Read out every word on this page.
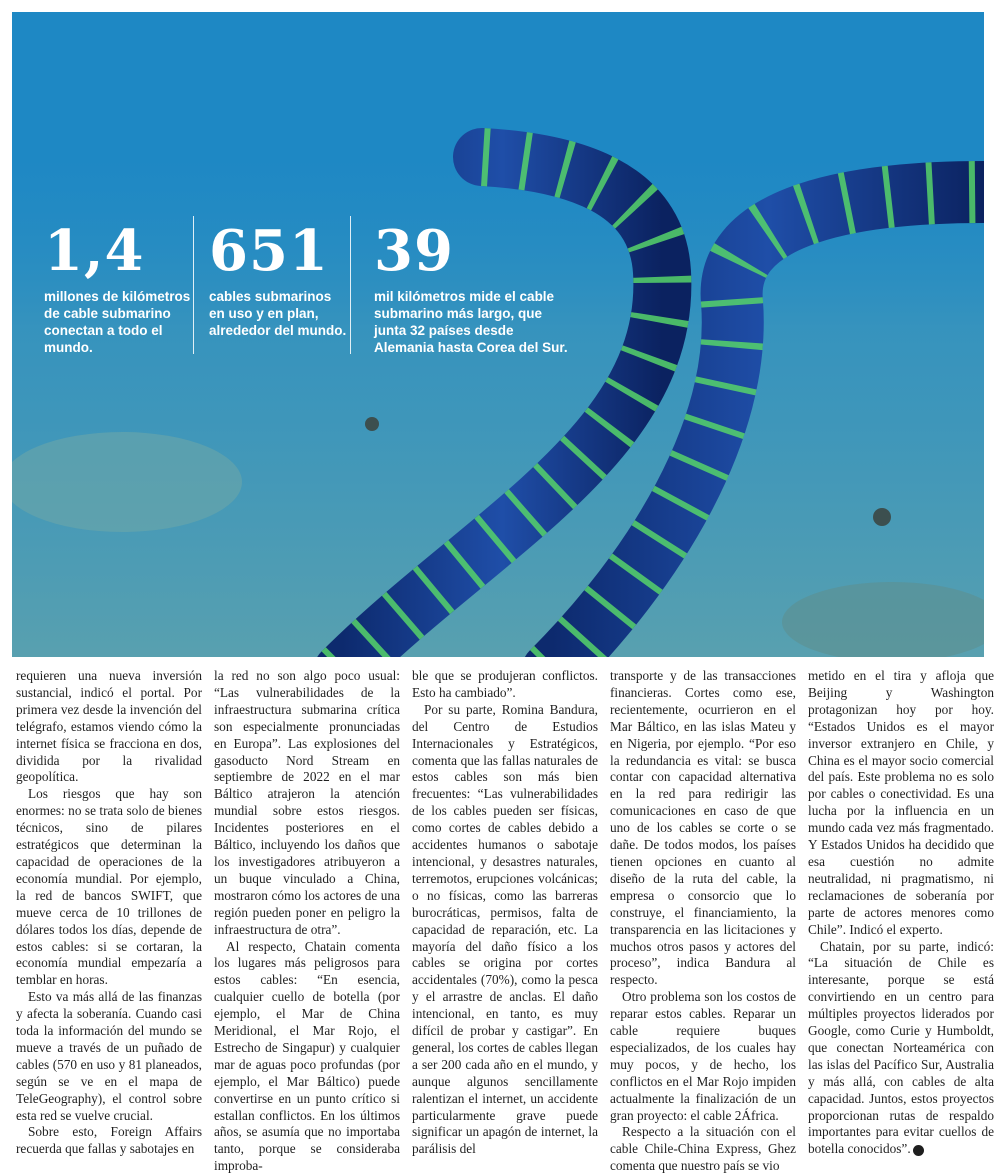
1,4
millones de kilómetros de cable submarino conectan a todo el mundo.
651
cables submarinos en uso y en plan, alrededor del mundo.
39
mil kilómetros mide el cable submarino más largo, que junta 32 países desde Alemania hasta Corea del Sur.

requieren una nueva inversión sustancial, indicó el portal. Por primera vez desde la invención del telégrafo, estamos viendo cómo la internet física se fracciona en dos, dividida por la rivalidad geopolítica.

Los riesgos que hay son enormes: no se trata solo de bienes técnicos, sino de pilares estratégicos que determinan la capacidad de operaciones de la economía mundial. Por ejemplo, la red de bancos SWIFT, que mueve cerca de 10 trillones de dólares todos los días, depende de estos cables: si se cortaran, la economía mundial empezaría a temblar en horas.

Esto va más allá de las finanzas y afecta la soberanía. Cuando casi toda la información del mundo se mueve a través de un puñado de cables (570 en uso y 81 planeados, según se ve en el mapa de TeleGeography), el control sobre esta red se vuelve crucial.

Sobre esto, Foreign Affairs recuerda que fallas y sabotajes en

la red no son algo poco usual: “Las vulnerabilidades de la infraestructura submarina crítica son especialmente pronunciadas en Europa”. Las explosiones del gasoducto Nord Stream en septiembre de 2022 en el mar Báltico atrajeron la atención mundial sobre estos riesgos. Incidentes posteriores en el Báltico, incluyendo los daños que los investigadores atribuyeron a un buque vinculado a China, mostraron cómo los actores de una región pueden poner en peligro la infraestructura de otra”.

Al respecto, Chatain comenta los lugares más peligrosos para estos cables: “En esencia, cualquier cuello de botella (por ejemplo, el Mar de China Meridional, el Mar Rojo, el Estrecho de Singapur) y cualquier mar de aguas poco profundas (por ejemplo, el Mar Báltico) puede convertirse en un punto crítico si estallan conflictos. En los últimos años, se asumía que no importaba tanto, porque se consideraba improba-

ble que se produjeran conflictos. Esto ha cambiado”.

Por su parte, Romina Bandura, del Centro de Estudios Internacionales y Estratégicos, comenta que las fallas naturales de estos cables son más bien frecuentes: “Las vulnerabilidades de los cables pueden ser físicas, como cortes de cables debido a accidentes humanos o sabotaje intencional, y desastres naturales, terremotos, erupciones volcánicas; o no físicas, como las barreras burocráticas, permisos, falta de capacidad de reparación, etc. La mayoría del daño físico a los cables se origina por cortes accidentales (70%), como la pesca y el arrastre de anclas. El daño intencional, en tanto, es muy difícil de probar y castigar”. En general, los cortes de cables llegan a ser 200 cada año en el mundo, y aunque algunos sencillamente ralentizan el internet, un accidente particularmente grave puede significar un apagón de internet, la parálisis del

transporte y de las transacciones financieras. Cortes como ese, recientemente, ocurrieron en el Mar Báltico, en las islas Mateu y en Nigeria, por ejemplo. “Por eso la redundancia es vital: se busca contar con capacidad alternativa en la red para redirigir las comunicaciones en caso de que uno de los cables se corte o se dañe. De todos modos, los países tienen opciones en cuanto al diseño de la ruta del cable, la empresa o consorcio que lo construye, el financiamiento, la transparencia en las licitaciones y muchos otros pasos y actores del proceso”, indica Bandura al respecto.

Otro problema son los costos de reparar estos cables. Reparar un cable requiere buques especializados, de los cuales hay muy pocos, y de hecho, los conflictos en el Mar Rojo impiden actualmente la finalización de un gran proyecto: el cable 2África.

Respecto a la situación con el cable Chile-China Express, Ghez comenta que nuestro país se vio

metido en el tira y afloja que Beijing y Washington protagonizan hoy por hoy. “Estados Unidos es el mayor inversor extranjero en Chile, y China es el mayor socio comercial del país. Este problema no es solo por cables o conectividad. Es una lucha por la influencia en un mundo cada vez más fragmentado. Y Estados Unidos ha decidido que esa cuestión no admite neutralidad, ni pragmatismo, ni reclamaciones de soberanía por parte de actores menores como Chile”. Indicó el experto.

Chatain, por su parte, indicó: “La situación de Chile es interesante, porque se está convirtiendo en un centro para múltiples proyectos liderados por Google, como Curie y Humboldt, que conectan Norteamérica con las islas del Pacífico Sur, Australia y más allá, con cables de alta capacidad. Juntos, estos proyectos proporcionan rutas de respaldo importantes para evitar cuellos de botella conocidos”. P
